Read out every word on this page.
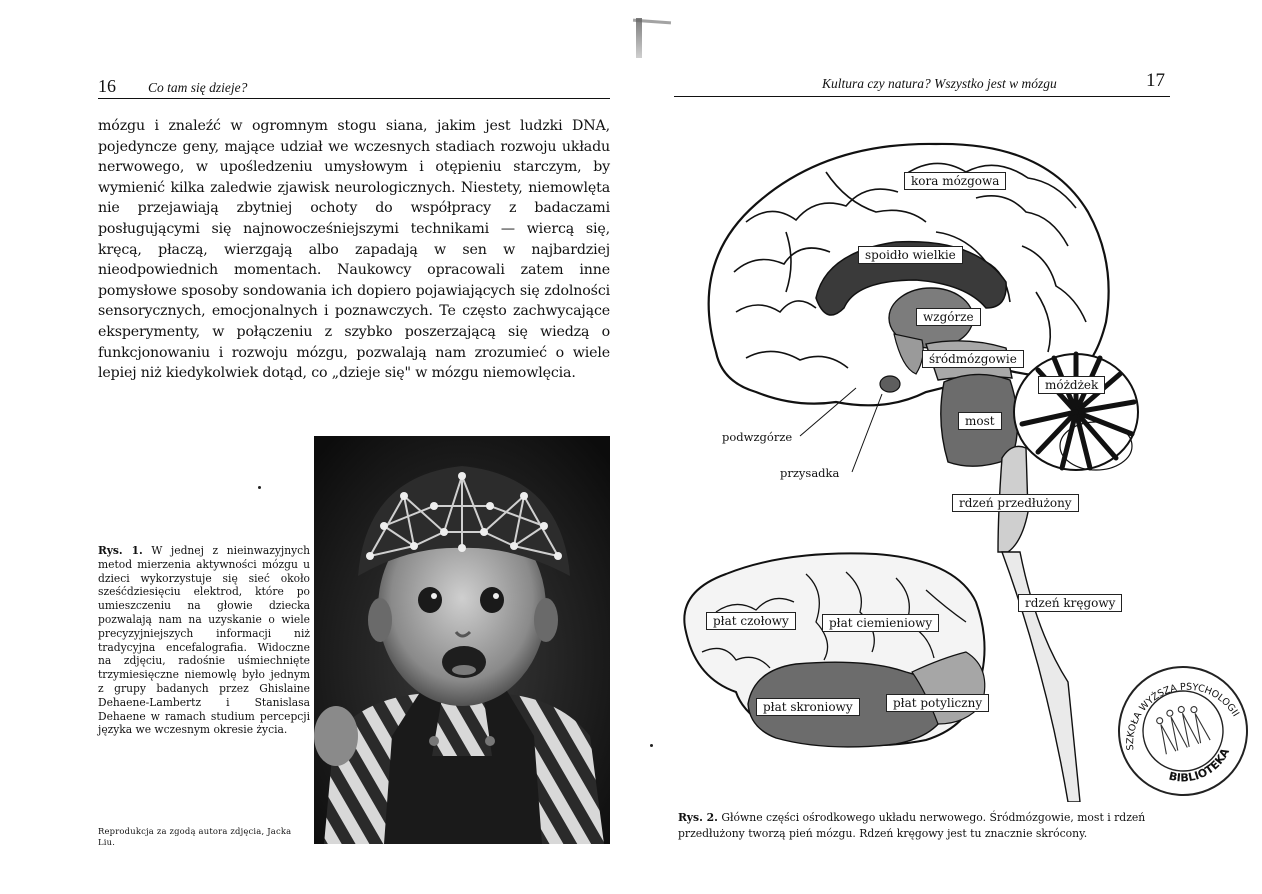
16 Co tam się dzieje?

mózgu i znaleźć w ogromnym stogu siana, jakim jest ludzki DNA, pojedyncze geny, mające udział we wczesnych stadiach rozwoju układu nerwowego, w upośledzeniu umysłowym i otępieniu starczym, by wymienić kilka zaledwie zjawisk neurologicznych. Niestety, niemowlęta nie przejawiają zbytniej ochoty do współpracy z badaczami posługującymi się najnowocześniejszymi technikami — wiercą się, kręcą, płaczą, wierzgają albo zapadają w sen w najbardziej nieodpowiednich momentach. Naukowcy opracowali zatem inne pomysłowe sposoby sondowania ich dopiero pojawiających się zdolności sensorycznych, emocjonalnych i poznawczych. Te często zachwycające eksperymenty, w połączeniu z szybko poszerzającą się wiedzą o funkcjonowaniu i rozwoju mózgu, pozwalają nam zrozumieć o wiele lepiej niż kiedykolwiek dotąd, co „dzieje się" w mózgu niemowlęcia.

Rys. 1. W jednej z nieinwazyjnych metod mierzenia aktywności mózgu u dzieci wykorzystuje się sieć około sześćdziesięciu elektrod, które po umieszczeniu na głowie dziecka pozwalają nam na uzyskanie o wiele precyzyjniejszych informacji niż tradycyjna encefalografia. Widoczne na zdjęciu, radośnie uśmiechnięte trzymiesięczne niemowlę było jednym z grupy badanych przez Ghislaine Dehaene-Lambertz i Stanislasa Dehaene w ramach studium percepcji języka we wczesnym okresie życia.
Reprodukcja za zgodą autora zdjęcia, Jacka Liu.
Kultura czy natura? Wszystko jest w mózgu	17
kora mózgowa
spoidło wielkie
wzgórze
śródmózgowie
móżdżek
most
podwzgórze
przysadka
rdzeń przedłużony
rdzeń kręgowy
płat czołowy	płat ciemieniowy
płat skroniowy	płat potyliczny
Rys. 2. Główne części ośrodkowego układu nerwowego. Śródmózgowie, most i rdzeń przedłużony tworzą pień mózgu. Rdzeń kręgowy jest tu znacznie skrócony.
SZKOŁA WYŻSZA PSYCHOLOGII
BIBLIOTEKA
